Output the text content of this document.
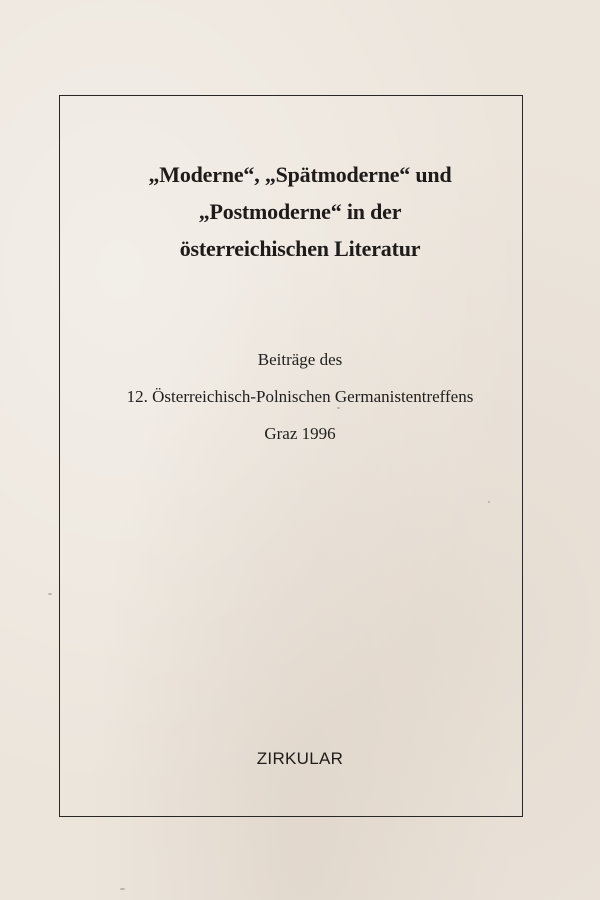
„Moderne“, „Spätmoderne“ und
„Postmoderne“ in der
österreichischen Literatur
Beiträge des
12. Österreichisch-Polnischen Germanistentreffens
Graz 1996
ZIRKULAR
